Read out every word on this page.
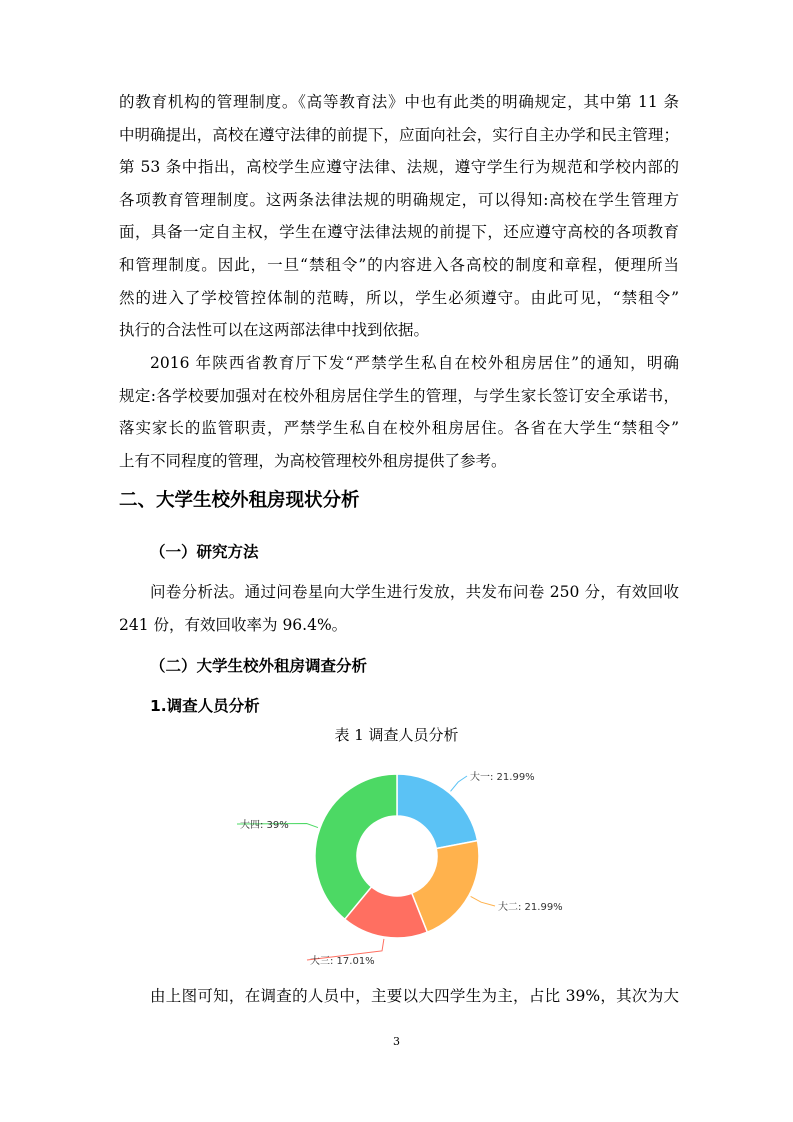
的教育机构的管理制度。《高等教育法》中也有此类的明确规定，其中第 11 条
中明确提出，高校在遵守法律的前提下，应面向社会，实行自主办学和民主管理；
第 53 条中指出，高校学生应遵守法律、法规，遵守学生行为规范和学校内部的
各项教育管理制度。这两条法律法规的明确规定，可以得知:高校在学生管理方
面，具备一定自主权，学生在遵守法律法规的前提下，还应遵守高校的各项教育
和管理制度。因此，一旦“禁租令”的内容进入各高校的制度和章程，便理所当
然的进入了学校管控体制的范畴，所以，学生必须遵守。由此可见，“禁租令”
执行的合法性可以在这两部法律中找到依据。
2016 年陕西省教育厅下发“严禁学生私自在校外租房居住”的通知，明确
规定:各学校要加强对在校外租房居住学生的管理，与学生家长签订安全承诺书，
落实家长的监管职责，严禁学生私自在校外租房居住。各省在大学生“禁租令”
上有不同程度的管理，为高校管理校外租房提供了参考。
二、大学生校外租房现状分析
（一）研究方法
问卷分析法。通过问卷星向大学生进行发放，共发布问卷 250 分，有效回收
241 份，有效回收率为 96.4%。
（二）大学生校外租房调查分析
1.调查人员分析
表 1 调查人员分析
大一: 21.99%
大二: 21.99%
大三: 17.01%
大四: 39%
由上图可知，在调查的人员中，主要以大四学生为主，占比 39%，其次为大
3
